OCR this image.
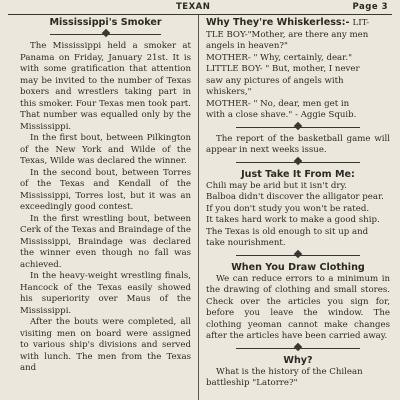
TEXAN	Page 3
Mississippi's Smoker

The Mississippi held a smoker at Panama on Friday, January 21st. It is with some gratification that attention may be invited to the number of Texas boxers and wrestlers taking part in this smoker. Four Texas men took part. That number was equalled only by the Mississippi.

In the first bout, between Pilkington of the New York and Wilde of the Texas, Wilde was declared the winner.

In the second bout, between Torres of the Texas and Kendall of the Mississippi, Torres lost, but it was an exceedingly good contest.

In the first wrestling bout, between Cerk of the Texas and Braindage of the Mississippi, Braindage was declared the winner even though no fall was achieved.

In the heavy-weight wrestling finals, Hancock of the Texas easily showed his superiority over Maus of the Mississippi.

After the bouts were completed, all visiting men on board were assigned to various ship's divisions and served with lunch. The men from the Texas and

Why They're Whiskerless:- LIT-
TLE BOY-"Mother, are there any men
angels in heaven?"
MOTHER- " Why, certainly, dear."
LITTLE BOY- " But, mother, I never
saw any pictures of angels with whiskers,"
MOTHER- " No, dear, men get in
with a close shave." - Aggie Squib.

The report of the basketball game will appear in next weeks issue.

Just Take It From Me:
Chili may be arid but it isn't dry.
Balboa didn't discover the alligator pear.
If you don't study you won't be rated.
It takes hard work to make a good ship.
The Texas is old enough to sit up and
take nourishment.
When You Draw Clothing

We can reduce errors to a minimum in the drawing of clothing and small stores. Check over the articles you sign for, before you leave the window. The clothing yeoman cannot make changes after the articles have been carried away.

Why?
What is the history of the Chilean
battleship "Latorre?"
